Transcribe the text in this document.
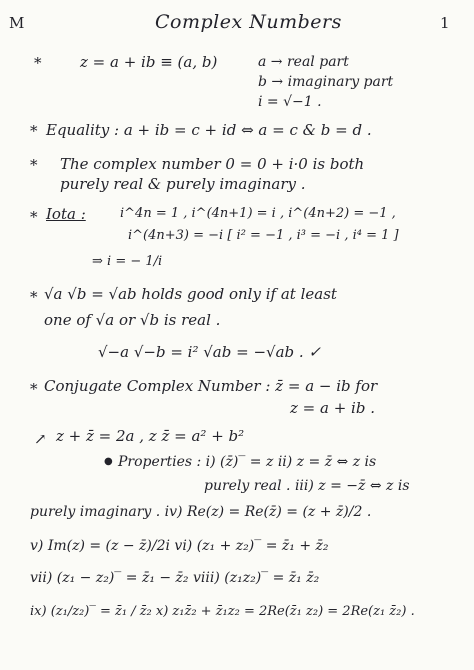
M	Complex Numbers	1
*	z = a + ib ≡ (a, b)	a → real part
b → imaginary part
i = √−1 .
* Equality : a + ib = c + id ⇔ a = c & b = d .
* The complex number 0 = 0 + i·0 is both
purely real & purely imaginary .
* Iota :	i^4n = 1 , i^(4n+1) = i , i^(4n+2) = −1 ,
i^(4n+3) = −i [ i² = −1 , i³ = −i , i⁴ = 1 ]
⇒ i = − 1/i
* √a √b = √ab holds good only if at least
one of √a or √b is real .
√−a √−b = i² √ab = −√ab . ✓
* Conjugate Complex Number : z̄ = a − ib for
z = a + ib .
↗ z + z̄ = 2a , z z̄ = a² + b²
● Properties : i) (z̄)‾ = z ii) z = z̄ ⇔ z is
purely real . iii) z = −z̄ ⇔ z is
purely imaginary . iv) Re(z) = Re(z̄) = (z + z̄)/2 .
v) Im(z) = (z − z̄)/2i vi) (z₁ + z₂)‾ = z̄₁ + z̄₂
vii) (z₁ − z₂)‾ = z̄₁ − z̄₂ viii) (z₁z₂)‾ = z̄₁ z̄₂
ix) (z₁/z₂)‾ = z̄₁ / z̄₂ x) z₁z̄₂ + z̄₁z₂ = 2Re(z̄₁ z₂) = 2Re(z₁ z̄₂) .
